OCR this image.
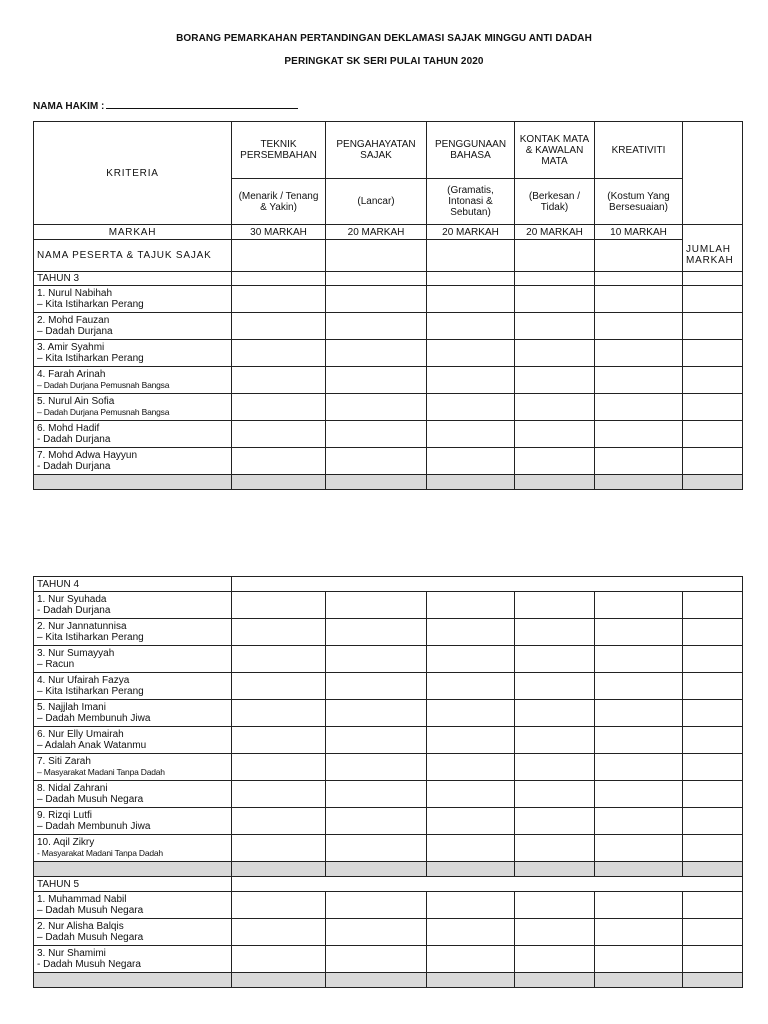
BORANG PEMARKAHAN PERTANDINGAN DEKLAMASI SAJAK MINGGU ANTI DADAH
PERINGKAT SK SERI PULAI TAHUN 2020
NAMA HAKIM :
KRITERIA	TEKNIK PERSEMBAHAN	PENGAHAYATAN SAJAK	PENGGUNAAN BAHASA	KONTAK MATA & KAWALAN MATA	KREATIVITI	
	(Menarik / Tenang & Yakin)	(Lancar)	(Gramatis, Intonasi & Sebutan)	(Berkesan / Tidak)	(Kostum Yang Bersesuaian)	
MARKAH	30 MARKAH	20 MARKAH	20 MARKAH	20 MARKAH	10 MARKAH	
NAMA PESERTA & TAJUK SAJAK						JUMLAH MARKAH
TAHUN 3						
1. Nurul Nabihah
– Kita Istiharkan Perang						

2. Mohd Fauzan
– Dadah Durjana						

3. Amir Syahmi
– Kita Istiharkan Perang						

4. Farah Arinah
– Dadah Durjana Pemusnah Bangsa						

5. Nurul Ain Sofia
– Dadah Durjana Pemusnah Bangsa						

6. Mohd Hadif
- Dadah Durjana						

7. Mohd Adwa Hayyun
- Dadah Durjana						

TAHUN 4						
1. Nur Syuhada
- Dadah Durjana						

2. Nur Jannatunnisa
– Kita Istiharkan Perang						

3. Nur Sumayyah
– Racun						

4. Nur Ufairah Fazya
– Kita Istiharkan Perang						

5. Najjlah Imani
– Dadah Membunuh Jiwa						

6. Nur Elly Umairah
– Adalah Anak Watanmu						

7. Siti Zarah
– Masyarakat Madani Tanpa Dadah						

8. Nidal Zahrani
– Dadah Musuh Negara						

9. Rizqi Lutfi
– Dadah Membunuh Jiwa						

10. Aqil Zikry
- Masyarakat Madani Tanpa Dadah						

TAHUN 5						
1. Muhammad Nabil
– Dadah Musuh Negara						

2. Nur Alisha Balqis
– Dadah Musuh Negara						

3. Nur Shamimi
- Dadah Musuh Negara						
